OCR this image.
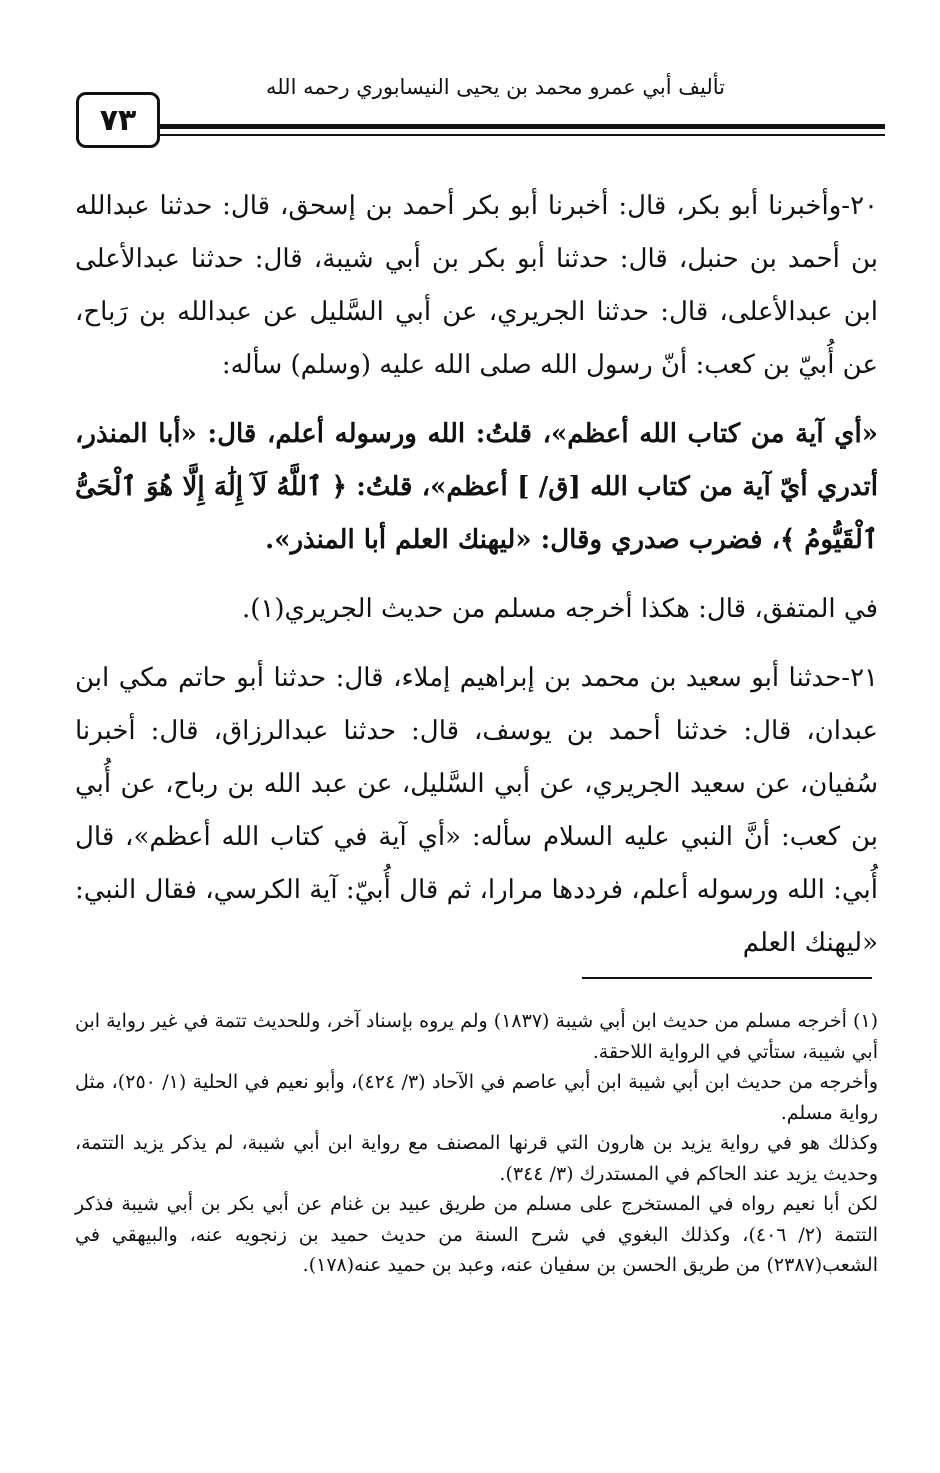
تأليف أبي عمرو محمد بن يحيى النيسابوري رحمه الله
٧٣

٢٠-وأخبرنا أبو بكر، قال: أخبرنا أبو بكر أحمد بن إسحق، قال: حدثنا عبدالله بن أحمد بن حنبل، قال: حدثنا أبو بكر بن أبي شيبة، قال: حدثنا عبدالأعلى ابن عبدالأعلى، قال: حدثنا الجريري، عن أبي السَّليل عن عبدالله بن رَباح، عن أُبيّ بن كعب: أنّ رسول الله صلى الله عليه (وسلم) سأله:

«أي آية من كتاب الله أعظم»، قلتُ: الله ورسوله أعلم، قال: «أبا المنذر، أتدري أيّ آية من كتاب الله [ق/ ] أعظم»، قلتُ: ﴿ ٱللَّهُ لَآ إِلَٰهَ إِلَّا هُوَ ٱلْحَىُّ ٱلْقَيُّومُ ﴾، فضرب صدري وقال: «ليهنك العلم أبا المنذر».

في المتفق، قال: هكذا أخرجه مسلم من حديث الجريري(١).

٢١-حدثنا أبو سعيد بن محمد بن إبراهيم إملاء، قال: حدثنا أبو حاتم مكي ابن عبدان، قال: خدثنا أحمد بن يوسف، قال: حدثنا عبدالرزاق، قال: أخبرنا سُفيان، عن سعيد الجريري، عن أبي السَّليل، عن عبد الله بن رباح، عن أُبي بن كعب: أنَّ النبي عليه السلام سأله: «أي آية في كتاب الله أعظم»، قال أُبي: الله ورسوله أعلم، فرددها مرارا، ثم قال أُبيّ: آية الكرسي، فقال النبي: «ليهنك العلم

(١) أخرجه مسلم من حديث ابن أبي شيبة (١٨٣٧) ولم يروه بإسناد آخر، وللحديث تتمة في غير رواية ابن أبي شيبة، ستأتي في الرواية اللاحقة.

وأخرجه من حديث ابن أبي شيبة ابن أبي عاصم في الآحاد (٣/ ٤٢٤)، وأبو نعيم في الحلية (١/ ٢٥٠)، مثل رواية مسلم.

وكذلك هو في رواية يزيد بن هارون التي قرنها المصنف مع رواية ابن أبي شيبة، لم يذكر يزيد التتمة، وحديث يزيد عند الحاكم في المستدرك (٣/ ٣٤٤).

لكن أبا نعيم رواه في المستخرج على مسلم من طريق عبيد بن غنام عن أبي بكر بن أبي شيبة فذكر التتمة (٢/ ٤٠٦)، وكذلك البغوي في شرح السنة من حديث حميد بن زنجويه عنه، والبيهقي في الشعب(٢٣٨٧) من طريق الحسن بن سفيان عنه، وعبد بن حميد عنه(١٧٨).
